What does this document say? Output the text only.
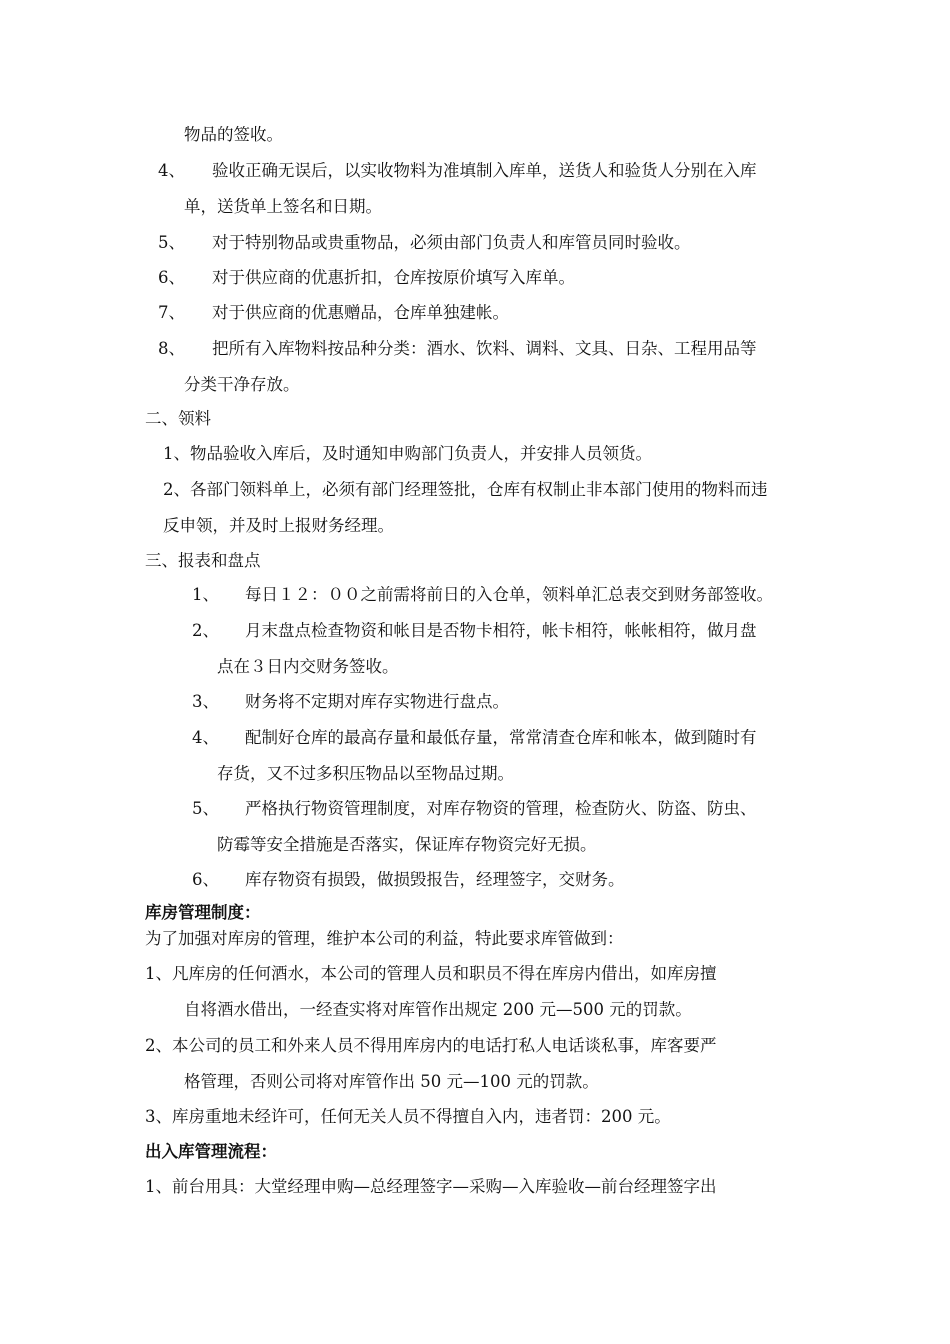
物品的签收。
4、 验收正确无误后，以实收物料为准填制入库单，送货人和验货人分别在入库
单，送货单上签名和日期。
5、 对于特别物品或贵重物品，必须由部门负责人和库管员同时验收。
6、 对于供应商的优惠折扣，仓库按原价填写入库单。
7、 对于供应商的优惠赠品，仓库单独建帐。
8、 把所有入库物料按品种分类：酒水、饮料、调料、文具、日杂、工程用品等
分类干净存放。
二、领料
1、物品验收入库后，及时通知申购部门负责人，并安排人员领货。
2、各部门领料单上，必须有部门经理签批，仓库有权制止非本部门使用的物料而违
反申领，并及时上报财务经理。
三、报表和盘点
1、 每日１２：００之前需将前日的入仓单，领料单汇总表交到财务部签收。
2、 月末盘点检查物资和帐目是否物卡相符，帐卡相符，帐帐相符，做月盘
点在３日内交财务签收。
3、 财务将不定期对库存实物进行盘点。
4、 配制好仓库的最高存量和最低存量，常常清查仓库和帐本，做到随时有
存货，又不过多积压物品以至物品过期。
5、 严格执行物资管理制度，对库存物资的管理，检查防火、防盗、防虫、
防霉等安全措施是否落实，保证库存物资完好无损。
6、 库存物资有损毁，做损毁报告，经理签字，交财务。
库房管理制度：
为了加强对库房的管理，维护本公司的利益，特此要求库管做到：
1、凡库房的任何酒水，本公司的管理人员和职员不得在库房内借出，如库房擅
自将酒水借出，一经查实将对库管作出规定 200 元—500 元的罚款。
2、本公司的员工和外来人员不得用库房内的电话打私人电话谈私事，库客要严
格管理，否则公司将对库管作出 50 元—100 元的罚款。
3、库房重地未经许可，任何无关人员不得擅自入内，违者罚：200 元。
出入库管理流程：
1、前台用具：大堂经理申购—总经理签字—采购—入库验收—前台经理签字出
